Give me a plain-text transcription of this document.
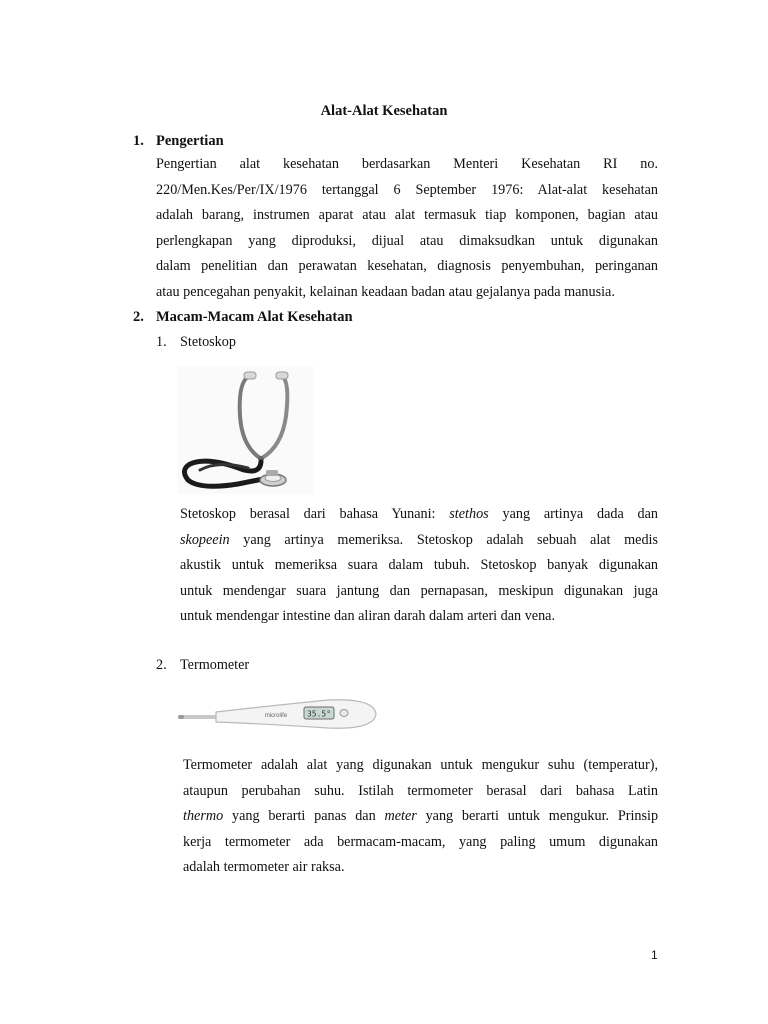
Alat-Alat Kesehatan
1. Pengertian
Pengertian alat kesehatan berdasarkan Menteri Kesehatan RI no.
220/Men.Kes/Per/IX/1976 tertanggal 6 September 1976: Alat-alat kesehatan
adalah barang, instrumen aparat atau alat termasuk tiap komponen, bagian atau
perlengkapan yang diproduksi, dijual atau dimaksudkan untuk digunakan
dalam penelitian dan perawatan kesehatan, diagnosis penyembuhan, peringanan
atau pencegahan penyakit, kelainan keadaan badan atau gejalanya pada manusia.
2. Macam-Macam Alat Kesehatan
1. Stetoskop
Stetoskop berasal dari bahasa Yunani: stethos yang artinya dada dan
skopeein yang artinya memeriksa. Stetoskop adalah sebuah alat medis
akustik untuk memeriksa suara dalam tubuh. Stetoskop banyak digunakan
untuk mendengar suara jantung dan pernapasan, meskipun digunakan juga
untuk mendengar intestine dan aliran darah dalam arteri dan vena.
2. Termometer
35.5°
microlife
Termometer adalah alat yang digunakan untuk mengukur suhu (temperatur),
ataupun perubahan suhu. Istilah termometer berasal dari bahasa Latin
thermo yang berarti panas dan meter yang berarti untuk mengukur. Prinsip
kerja termometer ada bermacam-macam, yang paling umum digunakan
adalah termometer air raksa.
1
